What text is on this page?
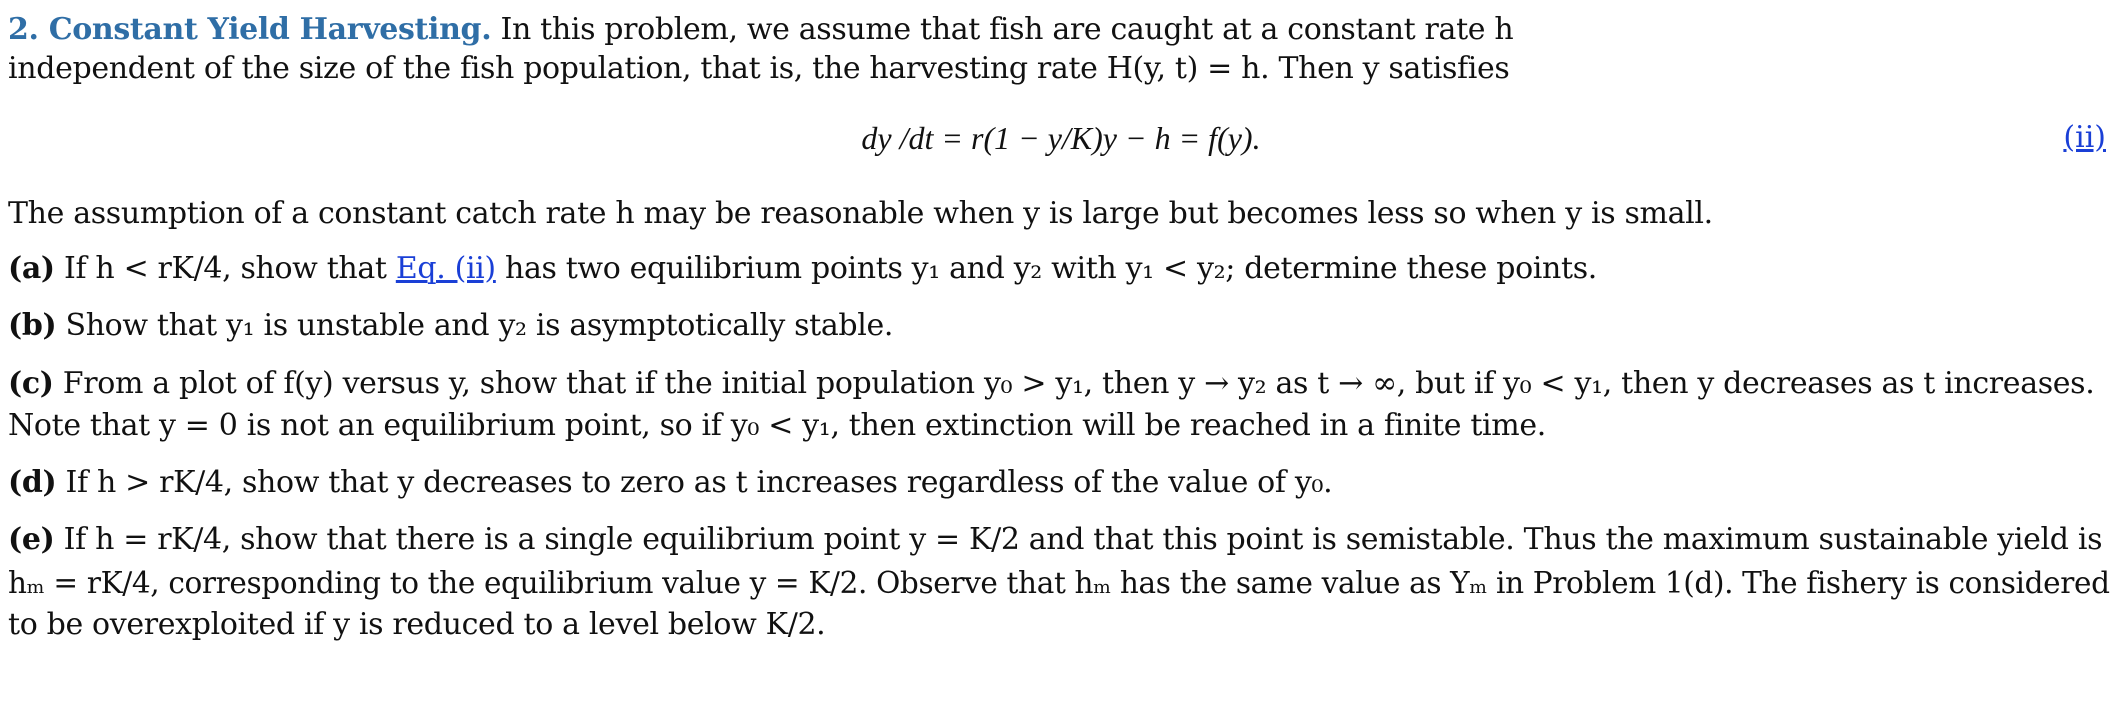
2. Constant Yield Harvesting. In this problem, we assume that fish are caught at a constant rate h
independent of the size of the fish population, that is, the harvesting rate H(y, t) = h. Then y satisfies
dy /dt = r(1 − y/K)y − h = f(y).	(ii)
The assumption of a constant catch rate h may be reasonable when y is large but becomes less so when y is small.
(a) If h < rK/4, show that Eq. (ii) has two equilibrium points y₁ and y₂ with y₁ < y₂; determine these points.
(b) Show that y₁ is unstable and y₂ is asymptotically stable.
(c) From a plot of f(y) versus y, show that if the initial population y₀ > y₁, then y → y₂ as t → ∞, but if y₀ < y₁, then y decreases as t increases.
Note that y = 0 is not an equilibrium point, so if y₀ < y₁, then extinction will be reached in a finite time.
(d) If h > rK/4, show that y decreases to zero as t increases regardless of the value of y₀.
(e) If h = rK/4, show that there is a single equilibrium point y = K/2 and that this point is semistable. Thus the maximum sustainable yield is
hₘ = rK/4, corresponding to the equilibrium value y = K/2. Observe that hₘ has the same value as Yₘ in Problem 1(d). The fishery is considered
to be overexploited if y is reduced to a level below K/2.
